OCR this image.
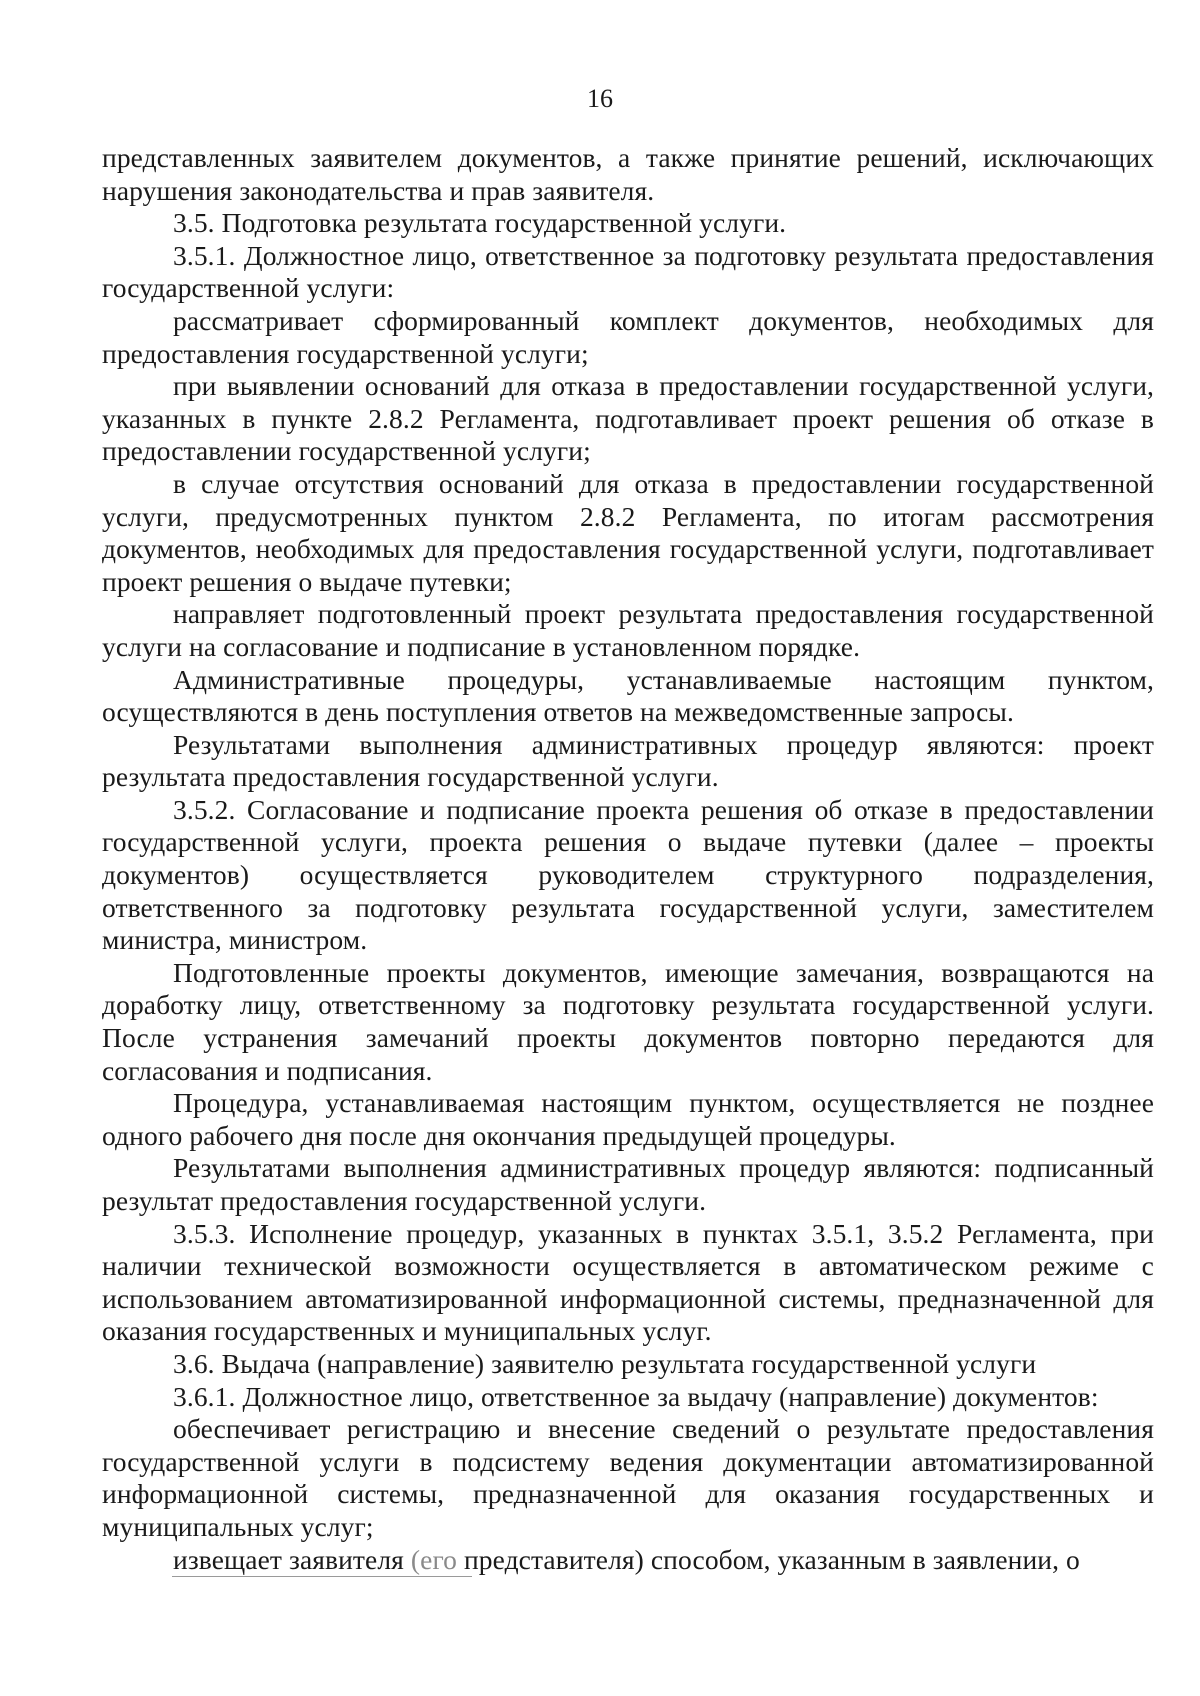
16

представленных заявителем документов, а также принятие решений, исключающих нарушения законодательства и прав заявителя.

3.5. Подготовка результата государственной услуги.

3.5.1. Должностное лицо, ответственное за подготовку результата предоставления государственной услуги:

рассматривает сформированный комплект документов, необходимых для предоставления государственной услуги;

при выявлении оснований для отказа в предоставлении государственной услуги, указанных в пункте 2.8.2 Регламента, подготавливает проект решения об отказе в предоставлении государственной услуги;

в случае отсутствия оснований для отказа в предоставлении государственной услуги, предусмотренных пунктом 2.8.2 Регламента, по итогам рассмотрения документов, необходимых для предоставления государственной услуги, подготавливает проект решения о выдаче путевки;

направляет подготовленный проект результата предоставления государственной услуги на согласование и подписание в установленном порядке.

Административные процедуры, устанавливаемые настоящим пунктом, осуществляются в день поступления ответов на межведомственные запросы.

Результатами выполнения административных процедур являются: проект результата предоставления государственной услуги.

3.5.2. Согласование и подписание проекта решения об отказе в предоставлении государственной услуги, проекта решения о выдаче путевки (далее – проекты документов) осуществляется руководителем структурного подразделения, ответственного за подготовку результата государственной услуги, заместителем министра, министром.

Подготовленные проекты документов, имеющие замечания, возвращаются на доработку лицу, ответственному за подготовку результата государственной услуги. После устранения замечаний проекты документов повторно передаются для согласования и подписания.

Процедура, устанавливаемая настоящим пунктом, осуществляется не позднее одного рабочего дня после дня окончания предыдущей процедуры.

Результатами выполнения административных процедур являются: подписанный результат предоставления государственной услуги.

3.5.3. Исполнение процедур, указанных в пунктах 3.5.1, 3.5.2 Регламента, при наличии технической возможности осуществляется в автоматическом режиме с использованием автоматизированной информационной системы, предназначенной для оказания государственных и муниципальных услуг.

3.6. Выдача (направление) заявителю результата государственной услуги

3.6.1. Должностное лицо, ответственное за выдачу (направление) документов:

обеспечивает регистрацию и внесение сведений о результате предоставления государственной услуги в подсистему ведения документации автоматизированной информационной системы, предназначенной для оказания государственных и муниципальных услуг;

извещает заявителя (его представителя) способом, указанным в заявлении, о
